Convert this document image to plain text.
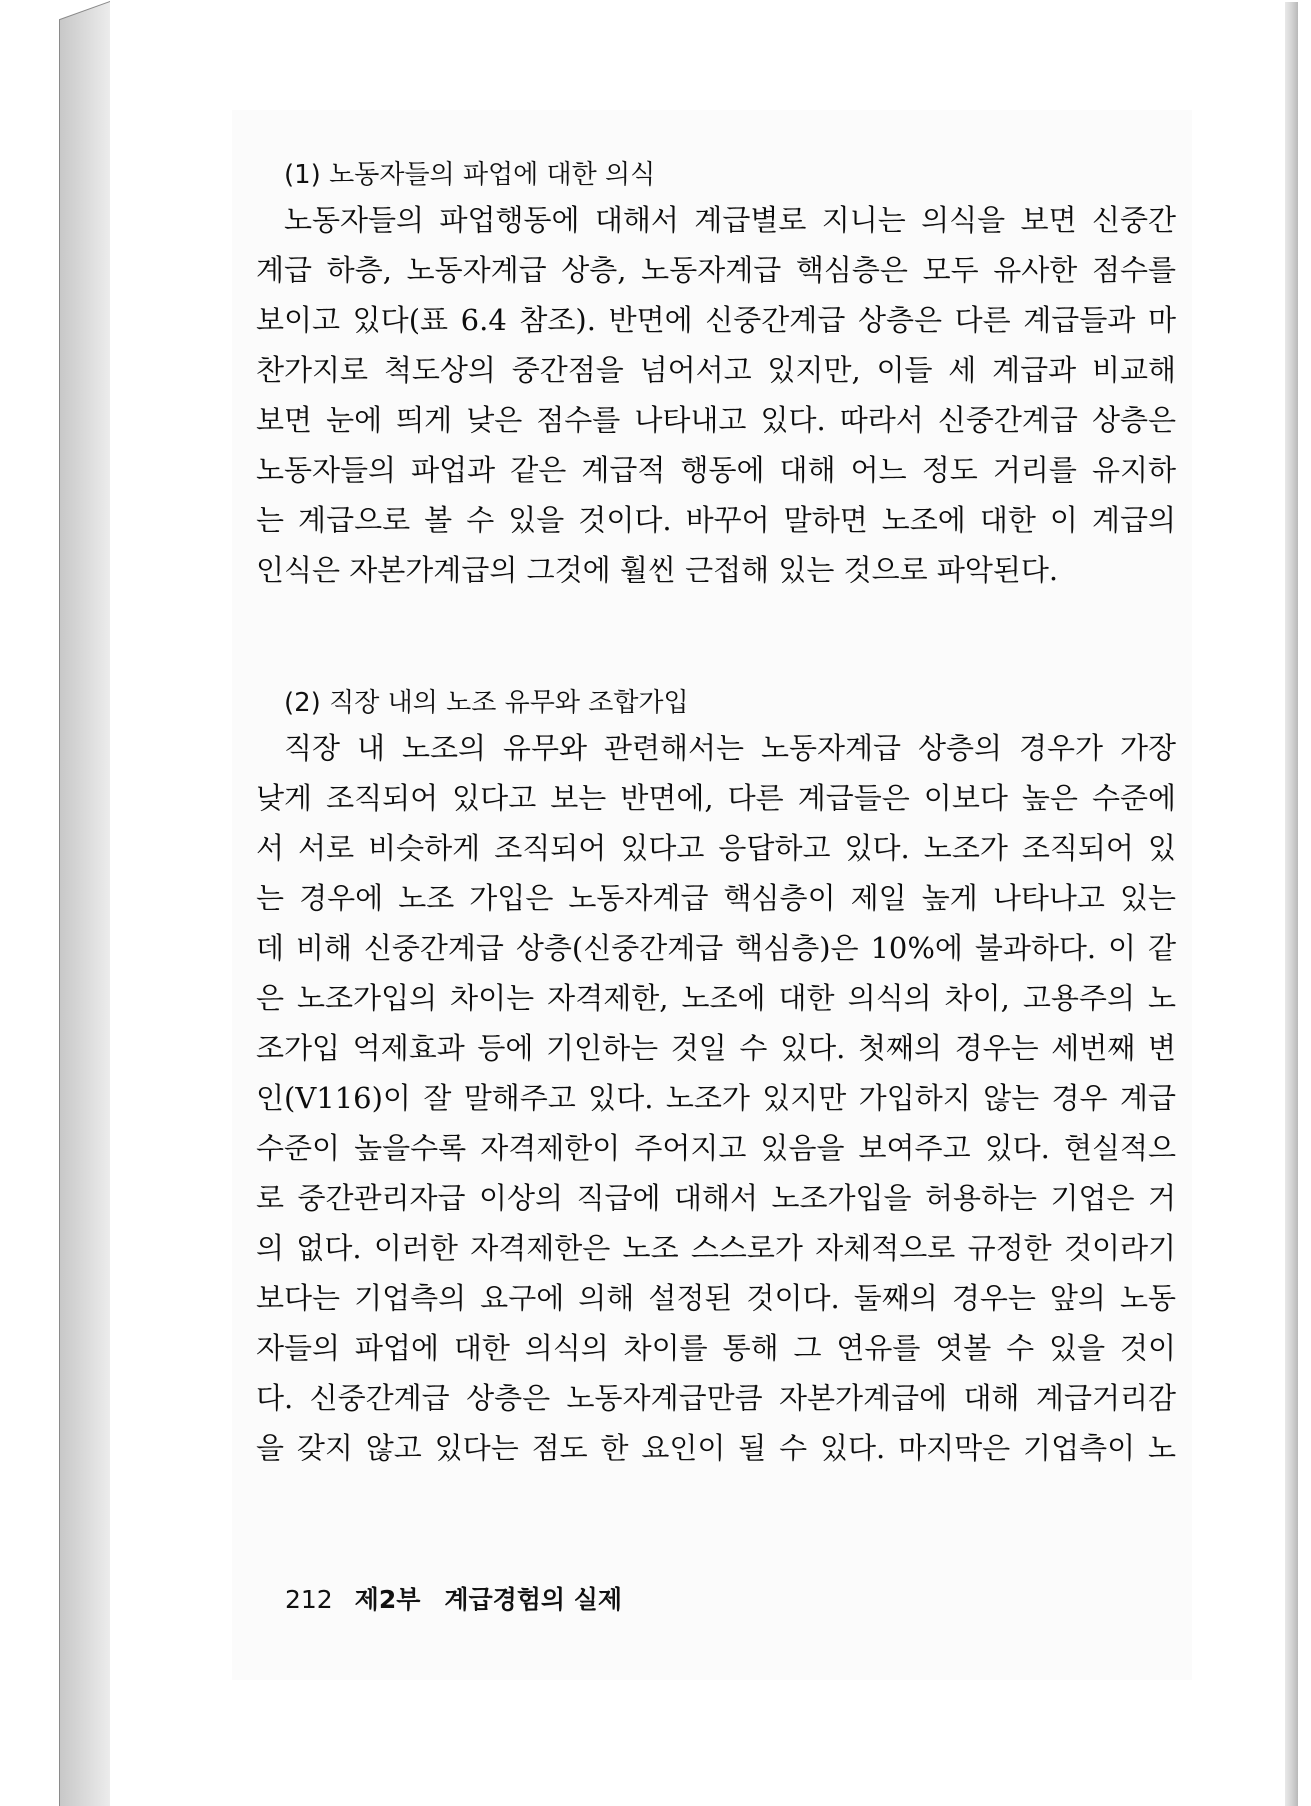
(1) 노동자들의 파업에 대한 의식
노동자들의 파업행동에 대해서 계급별로 지니는 의식을 보면 신중간
계급 하층, 노동자계급 상층, 노동자계급 핵심층은 모두 유사한 점수를
보이고 있다(표 6.4 참조). 반면에 신중간계급 상층은 다른 계급들과 마
찬가지로 척도상의 중간점을 넘어서고 있지만, 이들 세 계급과 비교해
보면 눈에 띄게 낮은 점수를 나타내고 있다. 따라서 신중간계급 상층은
노동자들의 파업과 같은 계급적 행동에 대해 어느 정도 거리를 유지하
는 계급으로 볼 수 있을 것이다. 바꾸어 말하면 노조에 대한 이 계급의
인식은 자본가계급의 그것에 훨씬 근접해 있는 것으로 파악된다.
(2) 직장 내의 노조 유무와 조합가입
직장 내 노조의 유무와 관련해서는 노동자계급 상층의 경우가 가장
낮게 조직되어 있다고 보는 반면에, 다른 계급들은 이보다 높은 수준에
서 서로 비슷하게 조직되어 있다고 응답하고 있다. 노조가 조직되어 있
는 경우에 노조 가입은 노동자계급 핵심층이 제일 높게 나타나고 있는
데 비해 신중간계급 상층(신중간계급 핵심층)은 10%에 불과하다. 이 같
은 노조가입의 차이는 자격제한, 노조에 대한 의식의 차이, 고용주의 노
조가입 억제효과 등에 기인하는 것일 수 있다. 첫째의 경우는 세번째 변
인(V116)이 잘 말해주고 있다. 노조가 있지만 가입하지 않는 경우 계급
수준이 높을수록 자격제한이 주어지고 있음을 보여주고 있다. 현실적으
로 중간관리자급 이상의 직급에 대해서 노조가입을 허용하는 기업은 거
의 없다. 이러한 자격제한은 노조 스스로가 자체적으로 규정한 것이라기
보다는 기업측의 요구에 의해 설정된 것이다. 둘째의 경우는 앞의 노동
자들의 파업에 대한 의식의 차이를 통해 그 연유를 엿볼 수 있을 것이
다. 신중간계급 상층은 노동자계급만큼 자본가계급에 대해 계급거리감
을 갖지 않고 있다는 점도 한 요인이 될 수 있다. 마지막은 기업측이 노
212 제2부 계급경험의 실제
